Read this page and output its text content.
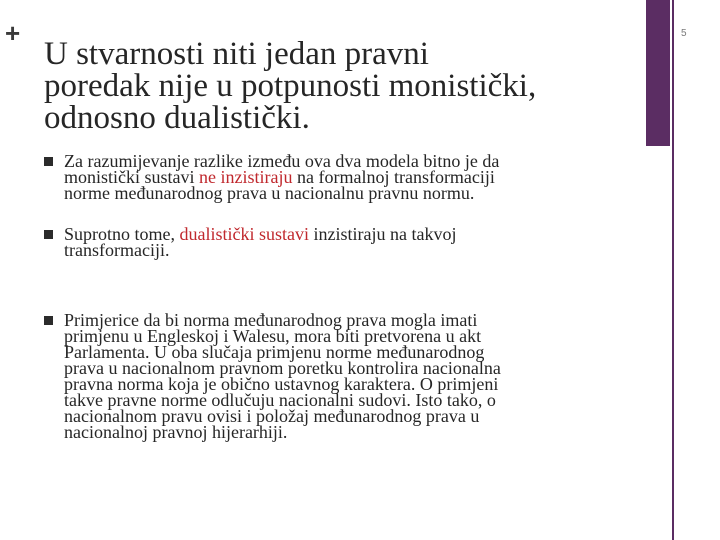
+	5
U stvarnosti niti jedan pravni
poredak nije u potpunosti monistički,
odnosno dualistički.
Za razumijevanje razlike između ova dva modela bitno je da
monistički sustavi ne inzistiraju na formalnoj transformaciji
norme međunarodnog prava u nacionalnu pravnu normu.
Suprotno tome, dualistički sustavi inzistiraju na takvoj
transformaciji.
Primjerice da bi norma međunarodnog prava mogla imati
primjenu u Engleskoj i Walesu, mora biti pretvorena u akt
Parlamenta. U oba slučaja primjenu norme međunarodnog
prava u nacionalnom pravnom poretku kontrolira nacionalna
pravna norma koja je obično ustavnog karaktera. O primjeni
takve pravne norme odlučuju nacionalni sudovi. Isto tako, o
nacionalnom pravu ovisi i položaj međunarodnog prava u
nacionalnoj pravnoj hijerarhiji.
